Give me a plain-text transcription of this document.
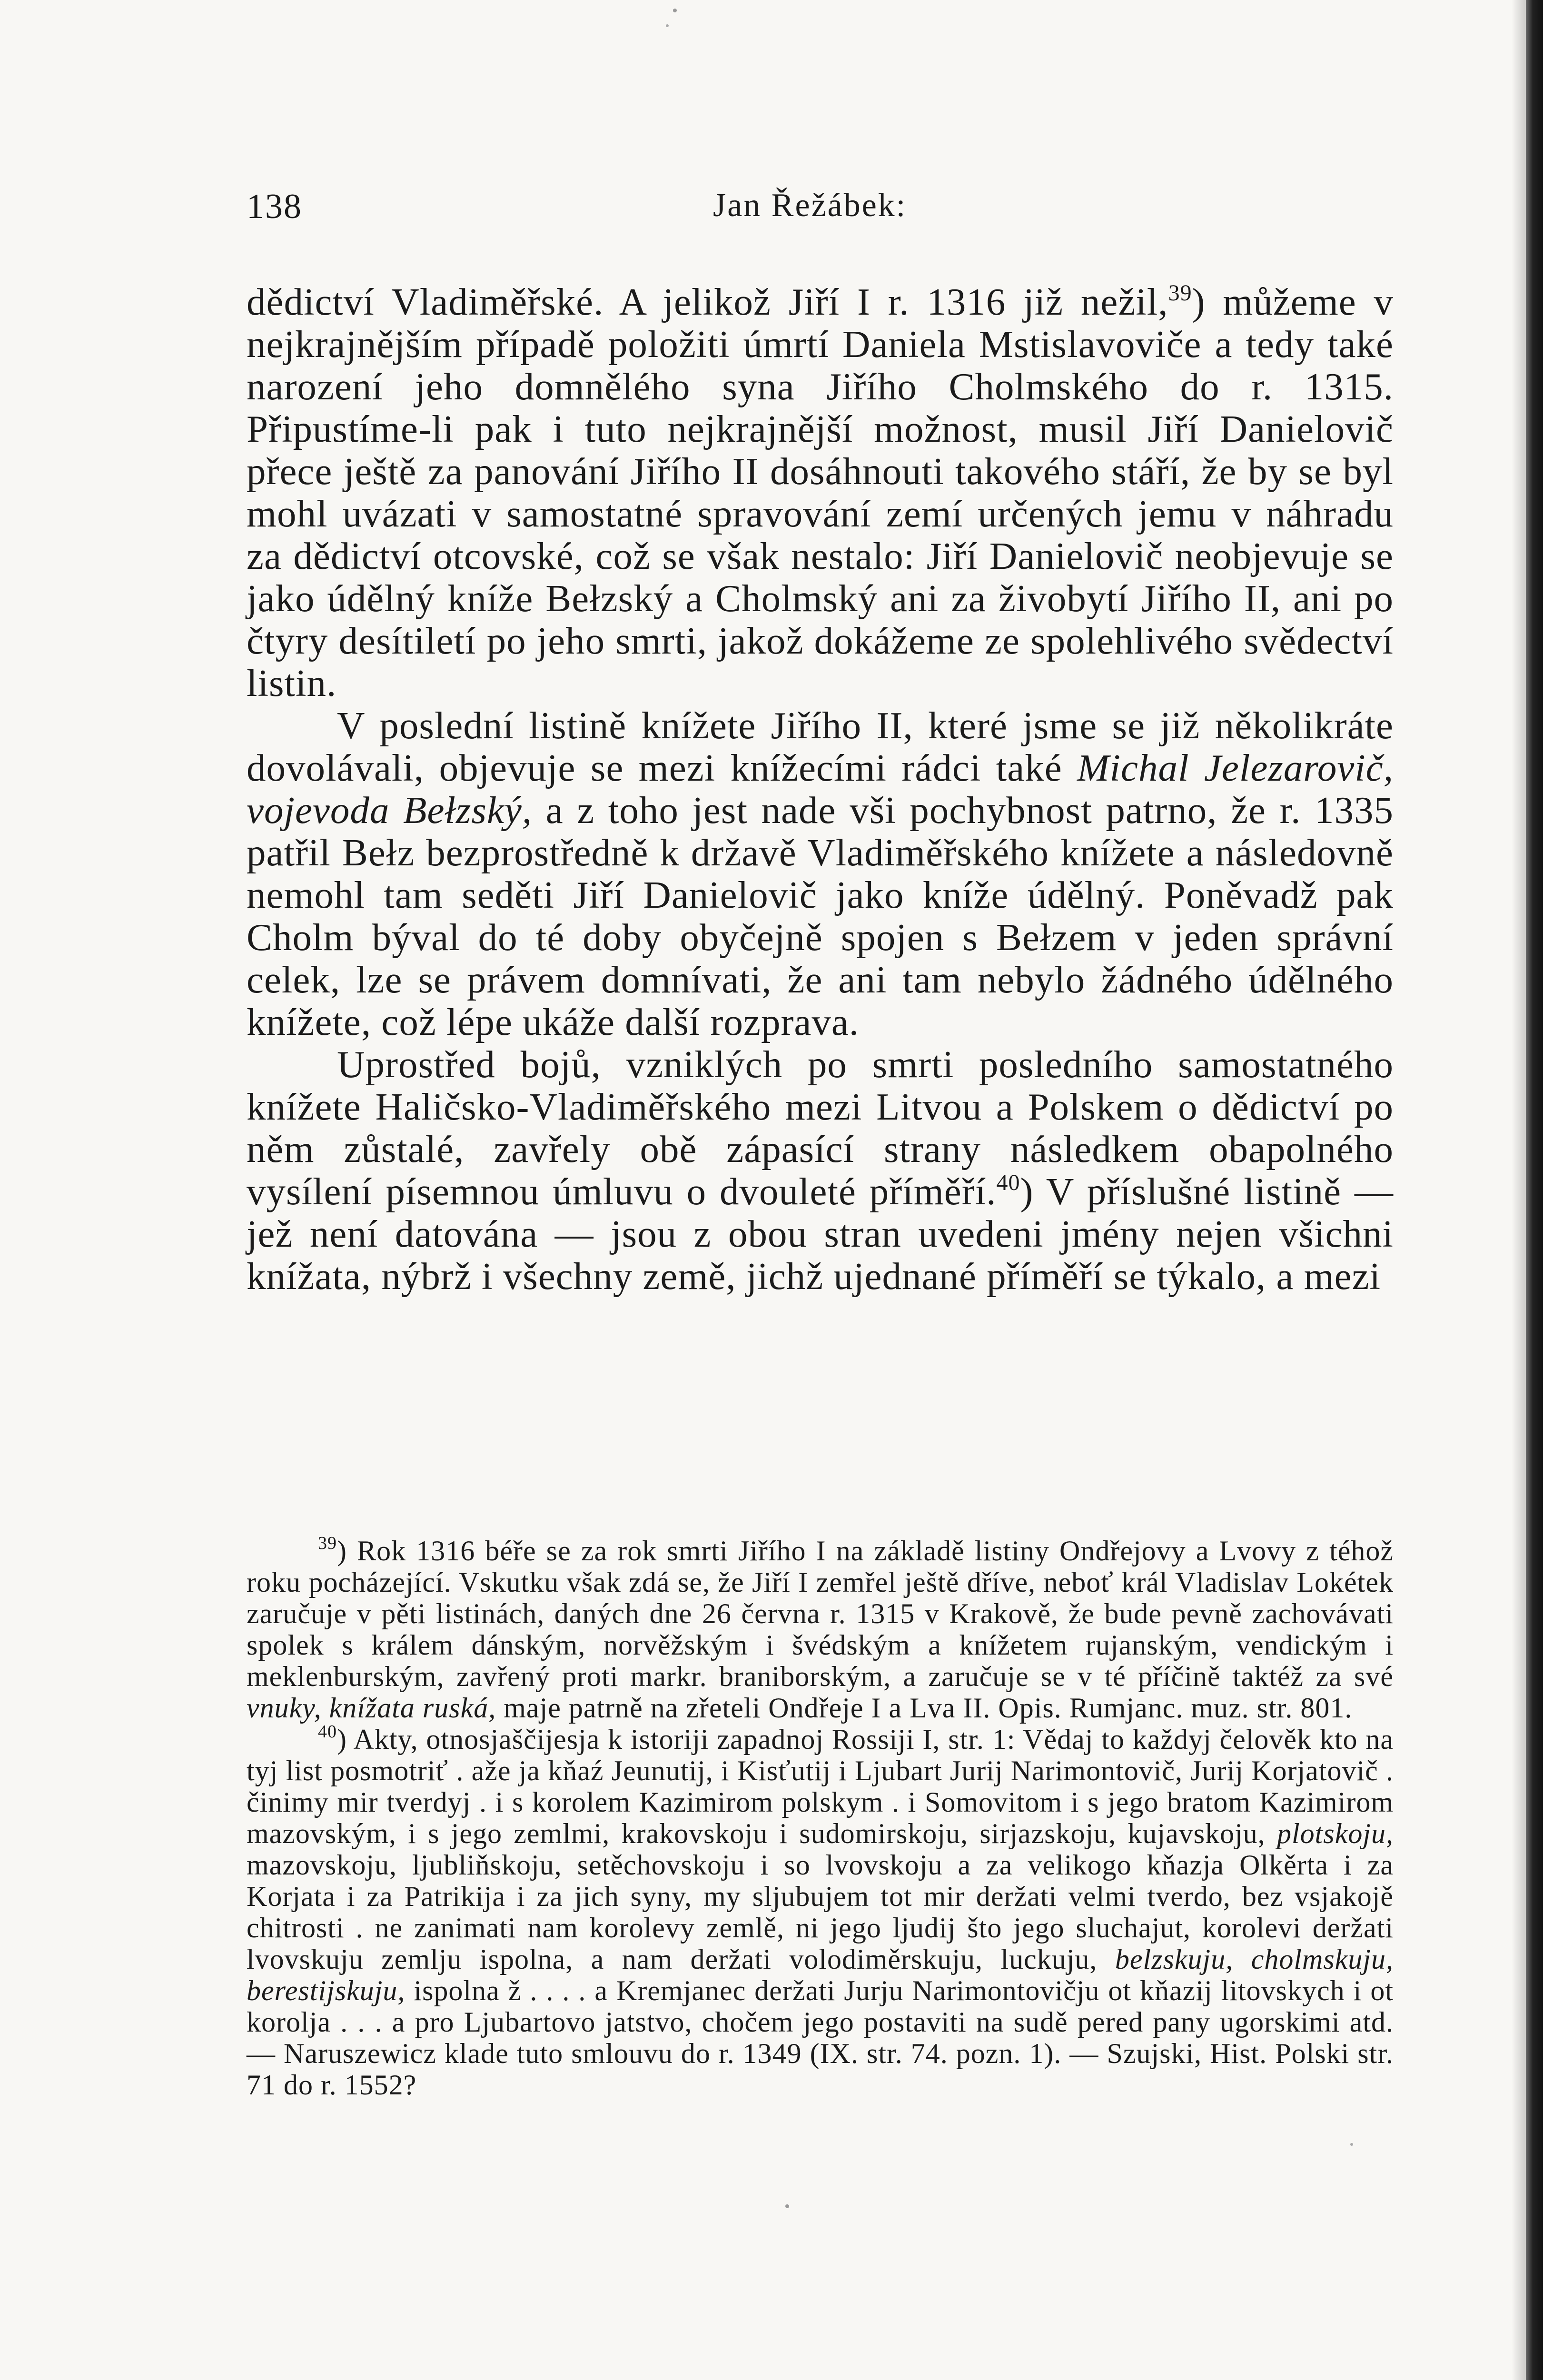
138	Jan Řežábek:

dědictví Vladiměřské. A jelikož Jiří I r. 1316 již nežil,$^{39}$) můžeme v nejkrajnějším případě položiti úmrtí Daniela Mstislavoviče a tedy také narození jeho domnělého syna Jiřího Cholmského do r. 1315. Připustíme-li pak i tuto nejkrajnější možnost, musil Jiří Danielovič přece ještě za panování Jiřího II dosáhnouti takového stáří, že by se byl mohl uvázati v samostatné spravování zemí určených jemu v náhradu za dědictví otcovské, což se však nestalo: Jiří Danielovič neobjevuje se jako údělný kníže Bełzský a Cholmský ani za živobytí Jiřího II, ani po čtyry desítiletí po jeho smrti, jakož dokážeme ze spolehlivého svědectví listin.

V poslední listině knížete Jiřího II, které jsme se již několikráte dovolávali, objevuje se mezi knížecími rádci také Michal Jelezarovič, vojevoda Bełzský, a z toho jest nade vši pochybnost patrno, že r. 1335 patřil Bełz bezprostředně k državě Vladiměřského knížete a následovně nemohl tam seděti Jiří Danielovič jako kníže údělný. Poněvadž pak Cholm býval do té doby obyčejně spojen s Bełzem v jeden správní celek, lze se právem domnívati, že ani tam nebylo žádného údělného knížete, což lépe ukáže další rozprava.

Uprostřed bojů, vzniklých po smrti posledního samostatného knížete Haličsko-Vladiměřského mezi Litvou a Polskem o dědictví po něm zůstalé, zavřely obě zápasící strany následkem obapolného vysílení písemnou úmluvu o dvouleté příměří.$^{40}$) V příslušné listině — jež není datována — jsou z obou stran uvedeni jmény nejen všichni knížata, nýbrž i všechny země, jichž ujednané příměří se týkalo, a mezi

$^{39}$) Rok 1316 béře se za rok smrti Jiřího I na základě listiny Ondřejovy a Lvovy z téhož roku pocházející. Vskutku však zdá se, že Jiří I zemřel ještě dříve, neboť král Vladislav Lokétek zaručuje v pěti listinách, daných dne 26 června r. 1315 v Krakově, že bude pevně zachovávati spolek s králem dánským, norvěžským i švédským a knížetem rujanským, vendickým i meklenburským, zavřený proti markr. braniborským, a zaručuje se v té příčině taktéž za své vnuky, knížata ruská, maje patrně na zřeteli Ondřeje I a Lva II. Opis. Rumjanc. muz. str. 801.

$^{40}$) Akty, otnosjaščijesja k istoriji zapadnoj Rossiji I, str. 1: Vědaj to každyj čelověk kto na tyj list posmotriť . aže ja kňaź Jeunutij, i Kisťutij i Ljubart Jurij Narimontovič, Jurij Korjatovič . činimy mir tverdyj . i s korolem Kazimirom polskym . i Somovitom i s jego bratom Kazimirom mazovským, i s jego zemlmi, krakovskoju i sudomirskoju, sirjazskoju, kujavskoju, plotskoju, mazovskoju, ljubliňskoju, setěchovskoju i so lvovskoju a za velikogo kňazja Olkěrta i za Korjata i za Patrikija i za jich syny, my sljubujem tot mir deržati velmi tverdo, bez vsjakojě chitrosti . ne zanimati nam korolevy zemlě, ni jego ljudij što jego sluchajut, korolevi deržati lvovskuju zemlju ispolna, a nam deržati volodiměrskuju, luckuju, belzskuju, cholmskuju, berestijskuju, ispolna ž . . . . a Kremjanec deržati Jurju Narimontovičju ot kňazij litovskych i ot korolja . . . a pro Ljubartovo jatstvo, chočem jego postaviti na sudě pered pany ugorskimi atd. — Naruszewicz klade tuto smlouvu do r. 1349 (IX. str. 74. pozn. 1). — Szujski, Hist. Polski str. 71 do r. 1552?
